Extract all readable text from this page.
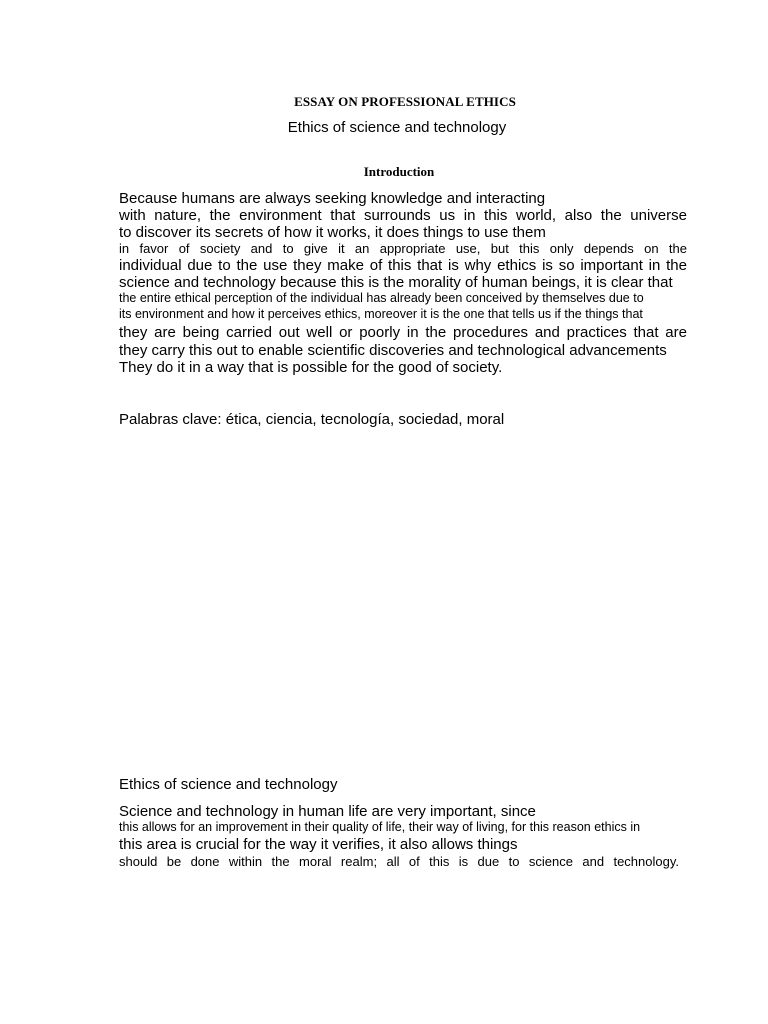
ESSAY ON PROFESSIONAL ETHICS
Ethics of science and technology
Introduction
Because humans are always seeking knowledge and interacting
with nature, the environment that surrounds us in this world, also the universe
to discover its secrets of how it works, it does things to use them
in favor of society and to give it an appropriate use, but this only depends on the
individual due to the use they make of this that is why ethics is so important in the
science and technology because this is the morality of human beings, it is clear that
the entire ethical perception of the individual has already been conceived by themselves due to
its environment and how it perceives ethics, moreover it is the one that tells us if the things that
they are being carried out well or poorly in the procedures and practices that are
they carry this out to enable scientific discoveries and technological advancements
They do it in a way that is possible for the good of society.
Palabras clave: ética, ciencia, tecnología, sociedad, moral
Ethics of science and technology
Science and technology in human life are very important, since
this allows for an improvement in their quality of life, their way of living, for this reason ethics in
this area is crucial for the way it verifies, it also allows things
should be done within the moral realm; all of this is due to science and technology.
